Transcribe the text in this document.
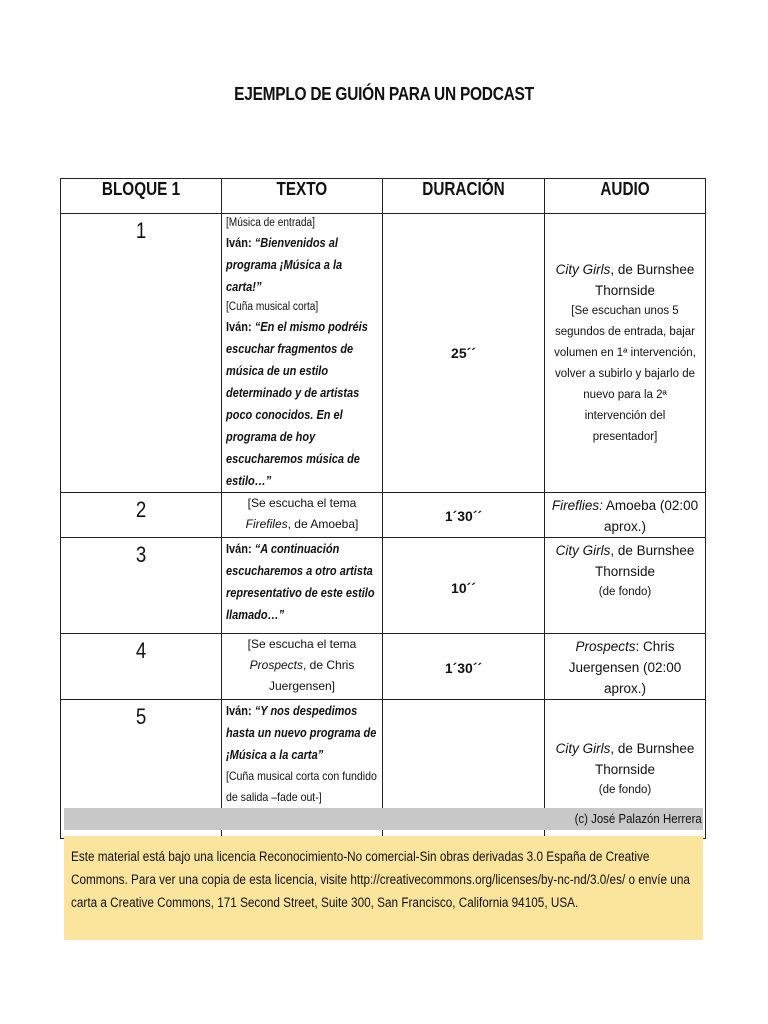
EJEMPLO DE GUIÓN PARA UN PODCAST
BLOQUE 1	TEXTO	DURACIÓN	AUDIO
1	[Música de entrada]
Iván: “Bienvenidos al programa ¡Música a la carta!”
[Cuña musical corta]
Iván: “En el mismo podréis escuchar fragmentos de música de un estilo determinado y de artistas poco conocidos. En el programa de hoy escucharemos música de estilo…”	25´´	City Girls, de Burnshee Thornside
[Se escuchan unos 5 segundos de entrada, bajar volumen en 1ª intervención, volver a subirlo y bajarlo de nuevo para la 2ª intervención del presentador]

2	[Se escucha el tema Firefiles, de Amoeba]	1´30´´	Fireflies: Amoeba (02:00 aprox.)
3	Iván: “A continuación escucharemos a otro artista representativo de este estilo llamado…”	10´´	City Girls, de Burnshee Thornside
(de fondo)

4	[Se escucha el tema Prospects, de Chris Juergensen]	1´30´´	Prospects: Chris Juergensen (02:00 aprox.)
5	Iván: “Y nos despedimos hasta un nuevo programa de ¡Música a la carta”
[Cuña musical corta con fundido de salida –fade out-]		City Girls, de Burnshee Thornside
(de fondo)
(c) José Palazón Herrera
Este material está bajo una licencia Reconocimiento-No comercial-Sin obras derivadas 3.0 España de Creative Commons. Para ver una copia de esta licencia, visite http://creativecommons.org/licenses/by-nc-nd/3.0/es/ o envíe una carta a Creative Commons, 171 Second Street, Suite 300, San Francisco, California 94105, USA.
